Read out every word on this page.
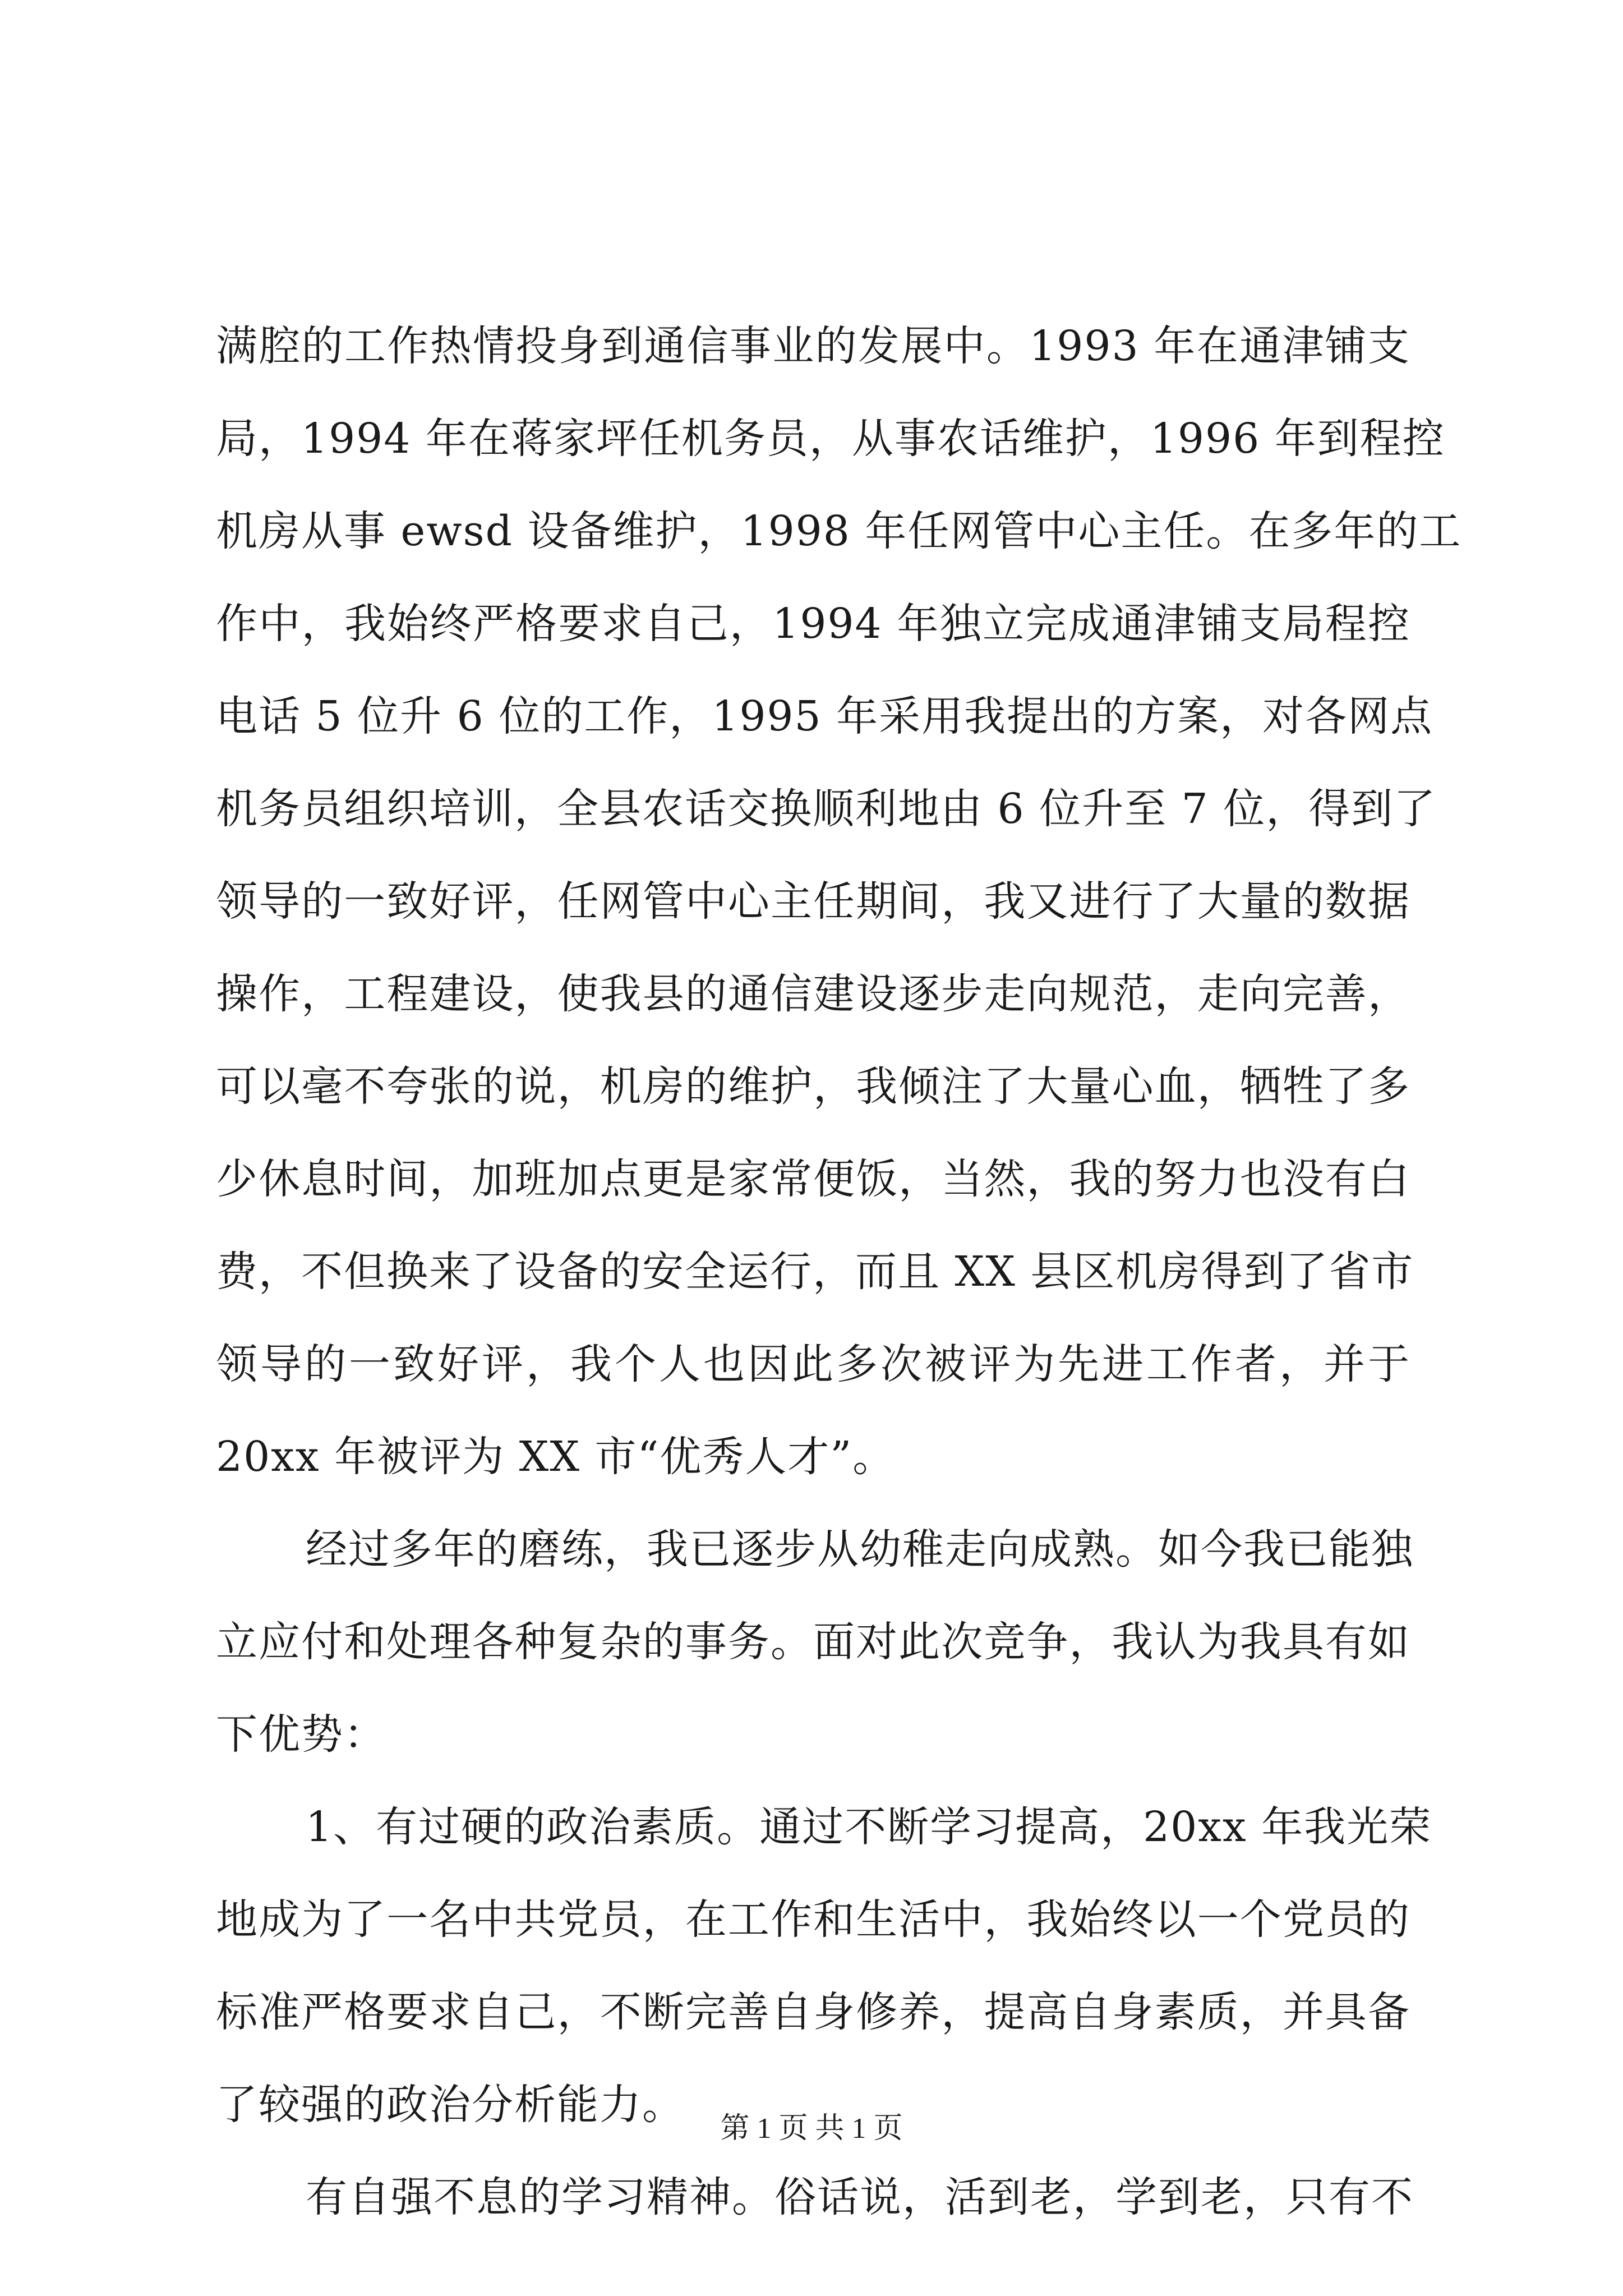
满腔的工作热情投身到通信事业的发展中。1993 年在通津铺支
局，1994 年在蒋家坪任机务员，从事农话维护，1996 年到程控
机房从事 ewsd 设备维护，1998 年任网管中心主任。在多年的工
作中，我始终严格要求自己，1994 年独立完成通津铺支局程控
电话 5 位升 6 位的工作，1995 年采用我提出的方案，对各网点
机务员组织培训，全县农话交换顺利地由 6 位升至 7 位，得到了
领导的一致好评，任网管中心主任期间，我又进行了大量的数据
操作，工程建设，使我县的通信建设逐步走向规范，走向完善，
可以毫不夸张的说，机房的维护，我倾注了大量心血，牺牲了多
少休息时间，加班加点更是家常便饭，当然，我的努力也没有白
费，不但换来了设备的安全运行，而且 XX 县区机房得到了省市
领导的一致好评，我个人也因此多次被评为先进工作者，并于
20xx 年被评为 XX 市“优秀人才”。
经过多年的磨练，我已逐步从幼稚走向成熟。如今我已能独
立应付和处理各种复杂的事务。面对此次竞争，我认为我具有如
下优势：
1、有过硬的政治素质。通过不断学习提高，20xx 年我光荣
地成为了一名中共党员，在工作和生活中，我始终以一个党员的
标准严格要求自己，不断完善自身修养，提高自身素质，并具备
了较强的政治分析能力。
有自强不息的学习精神。俗话说，活到老，学到老，只有不
第 1 页 共 1 页
